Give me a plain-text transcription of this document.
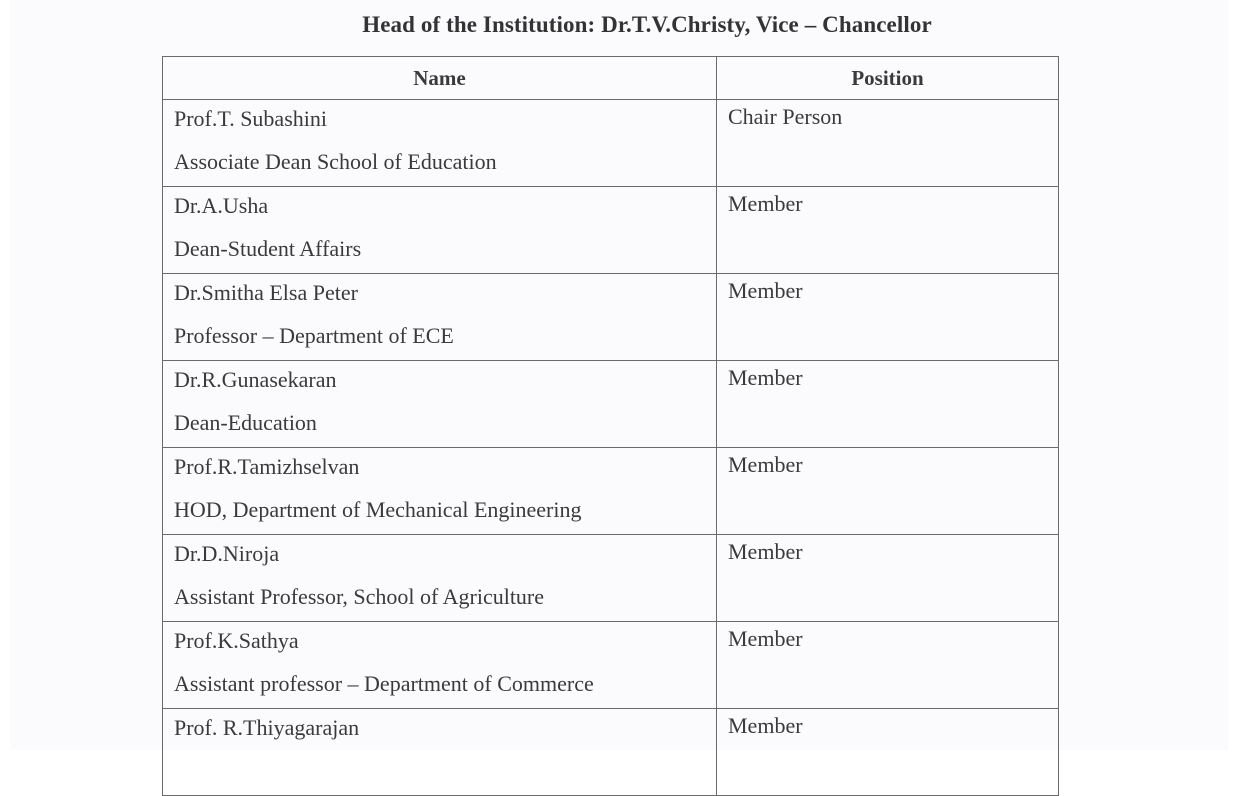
Head of the Institution: Dr.T.V.Christy, Vice – Chancellor
Name	Position

Prof.T. Subashini
Associate Dean School of Education	Chair Person

Dr.A.Usha
Dean-Student Affairs	Member

Dr.Smitha Elsa Peter
Professor – Department of ECE	Member

Dr.R.Gunasekaran
Dean-Education	Member

Prof.R.Tamizhselvan
HOD, Department of Mechanical Engineering	Member

Dr.D.Niroja
Assistant Professor, School of Agriculture	Member

Prof.K.Sathya
Assistant professor – Department of Commerce	Member

Prof. R.Thiyagarajan	Member
